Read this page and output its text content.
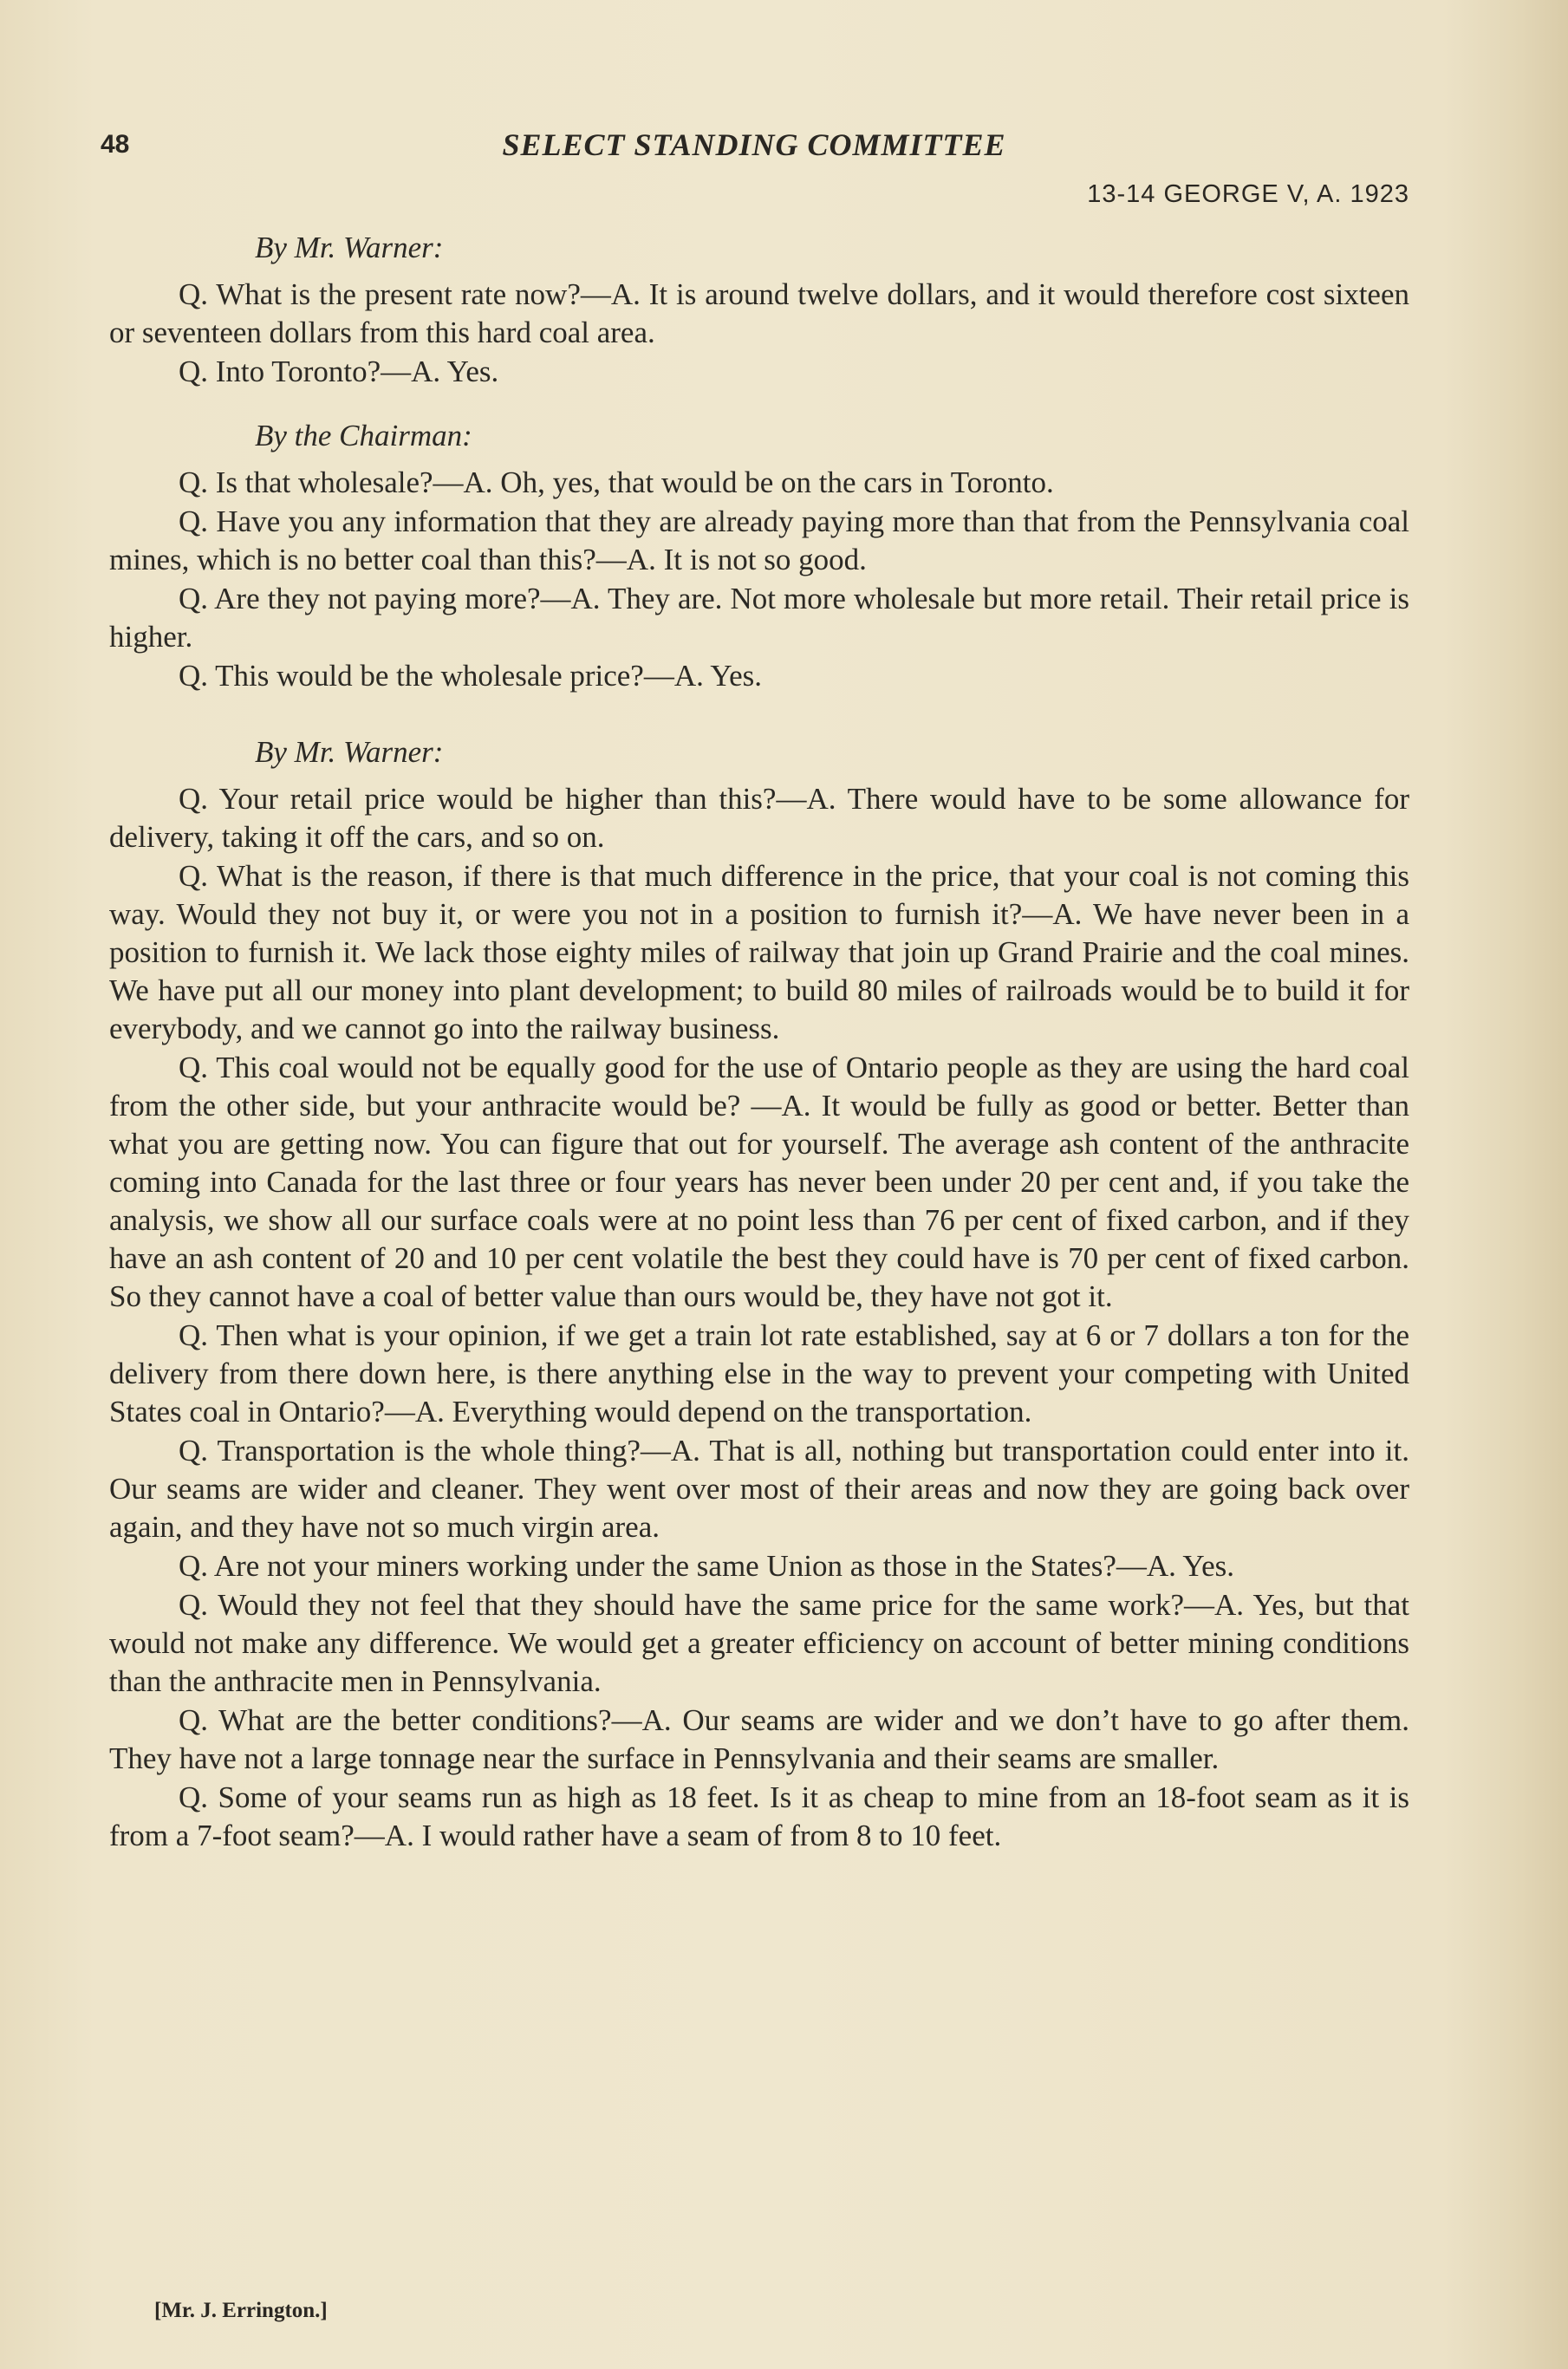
48	SELECT STANDING COMMITTEE
13-14 GEORGE V, A. 1923

By Mr. Warner:

Q. What is the present rate now?—A. It is around twelve dollars, and it would therefore cost sixteen or seventeen dollars from this hard coal area.

Q. Into Toronto?—A. Yes.

By the Chairman:

Q. Is that wholesale?—A. Oh, yes, that would be on the cars in Toronto.

Q. Have you any information that they are already paying more than that from the Pennsylvania coal mines, which is no better coal than this?—A. It is not so good.

Q. Are they not paying more?—A. They are. Not more wholesale but more retail. Their retail price is higher.

Q. This would be the wholesale price?—A. Yes.

By Mr. Warner:

Q. Your retail price would be higher than this?—A. There would have to be some allowance for delivery, taking it off the cars, and so on.

Q. What is the reason, if there is that much difference in the price, that your coal is not coming this way. Would they not buy it, or were you not in a position to furnish it?—A. We have never been in a position to furnish it. We lack those eighty miles of railway that join up Grand Prairie and the coal mines. We have put all our money into plant development; to build 80 miles of railroads would be to build it for everybody, and we cannot go into the railway business.

Q. This coal would not be equally good for the use of Ontario people as they are using the hard coal from the other side, but your anthracite would be? —A. It would be fully as good or better. Better than what you are getting now. You can figure that out for yourself. The average ash content of the anthracite coming into Canada for the last three or four years has never been under 20 per cent and, if you take the analysis, we show all our surface coals were at no point less than 76 per cent of fixed carbon, and if they have an ash content of 20 and 10 per cent volatile the best they could have is 70 per cent of fixed carbon. So they cannot have a coal of better value than ours would be, they have not got it.

Q. Then what is your opinion, if we get a train lot rate established, say at 6 or 7 dollars a ton for the delivery from there down here, is there anything else in the way to prevent your competing with United States coal in Ontario?—A. Everything would depend on the transportation.

Q. Transportation is the whole thing?—A. That is all, nothing but transportation could enter into it. Our seams are wider and cleaner. They went over most of their areas and now they are going back over again, and they have not so much virgin area.

Q. Are not your miners working under the same Union as those in the States?—A. Yes.

Q. Would they not feel that they should have the same price for the same work?—A. Yes, but that would not make any difference. We would get a greater efficiency on account of better mining conditions than the anthracite men in Pennsylvania.

Q. What are the better conditions?—A. Our seams are wider and we don’t have to go after them. They have not a large tonnage near the surface in Pennsylvania and their seams are smaller.

Q. Some of your seams run as high as 18 feet. Is it as cheap to mine from an 18-foot seam as it is from a 7-foot seam?—A. I would rather have a seam of from 8 to 10 feet.

[Mr. J. Errington.]
